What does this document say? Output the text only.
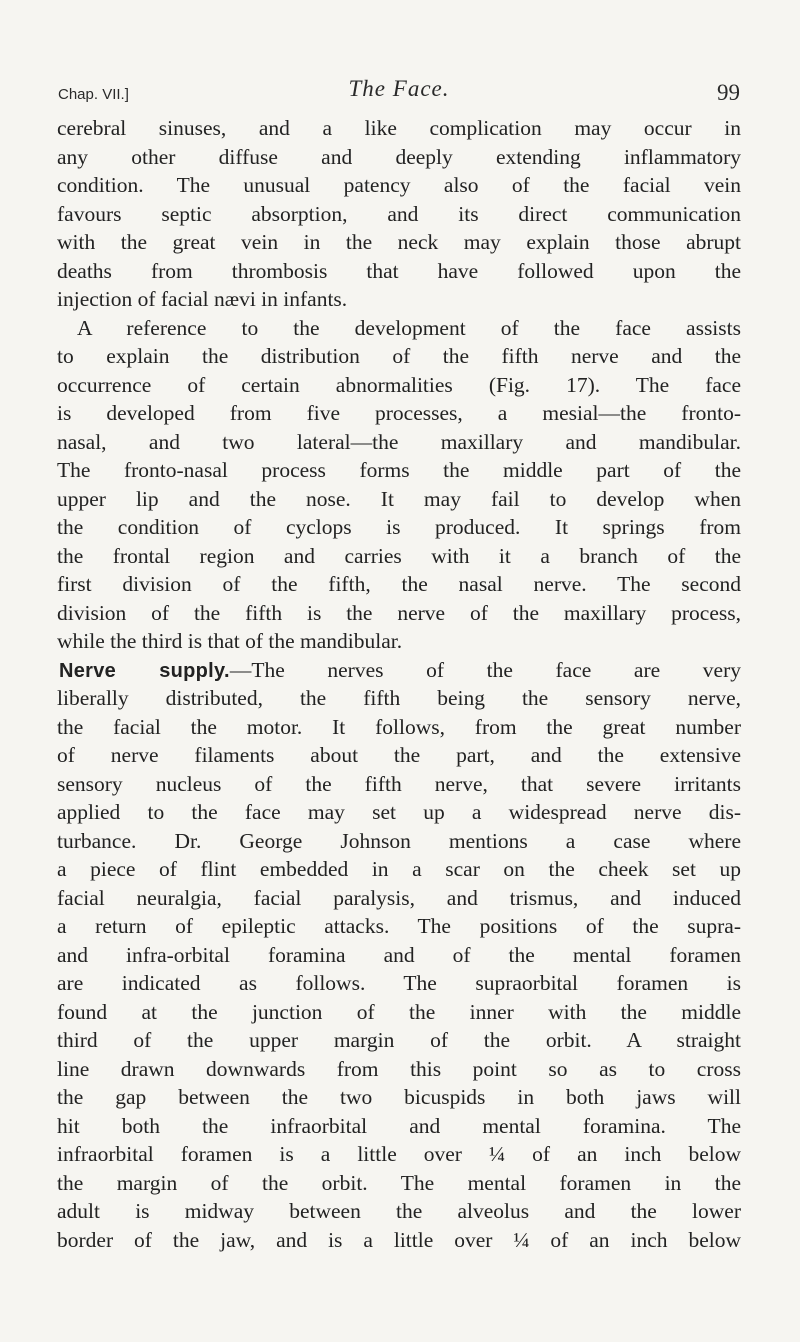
Chap. VII.]	The Face.	99
cerebral sinuses, and a like complication may occur in
any other diffuse and deeply extending inflammatory
condition. The unusual patency also of the facial vein
favours septic absorption, and its direct communication
with the great vein in the neck may explain those abrupt
deaths from thrombosis that have followed upon the
injection of facial nævi in infants.
A reference to the development of the face assists
to explain the distribution of the fifth nerve and the
occurrence of certain abnormalities (Fig. 17). The face
is developed from five processes, a mesial—the fronto-
nasal, and two lateral—the maxillary and mandibular.
The fronto-nasal process forms the middle part of the
upper lip and the nose. It may fail to develop when
the condition of cyclops is produced. It springs from
the frontal region and carries with it a branch of the
first division of the fifth, the nasal nerve. The second
division of the fifth is the nerve of the maxillary process,
while the third is that of the mandibular.
Nerve supply.—The nerves of the face are very
liberally distributed, the fifth being the sensory nerve,
the facial the motor. It follows, from the great number
of nerve filaments about the part, and the extensive
sensory nucleus of the fifth nerve, that severe irritants
applied to the face may set up a widespread nerve dis-
turbance. Dr. George Johnson mentions a case where
a piece of flint embedded in a scar on the cheek set up
facial neuralgia, facial paralysis, and trismus, and induced
a return of epileptic attacks. The positions of the supra-
and infra-orbital foramina and of the mental foramen
are indicated as follows. The supraorbital foramen is
found at the junction of the inner with the middle
third of the upper margin of the orbit. A straight
line drawn downwards from this point so as to cross
the gap between the two bicuspids in both jaws will
hit both the infraorbital and mental foramina. The
infraorbital foramen is a little over ¼ of an inch below
the margin of the orbit. The mental foramen in the
adult is midway between the alveolus and the lower
border of the jaw, and is a little over ¼ of an inch below
